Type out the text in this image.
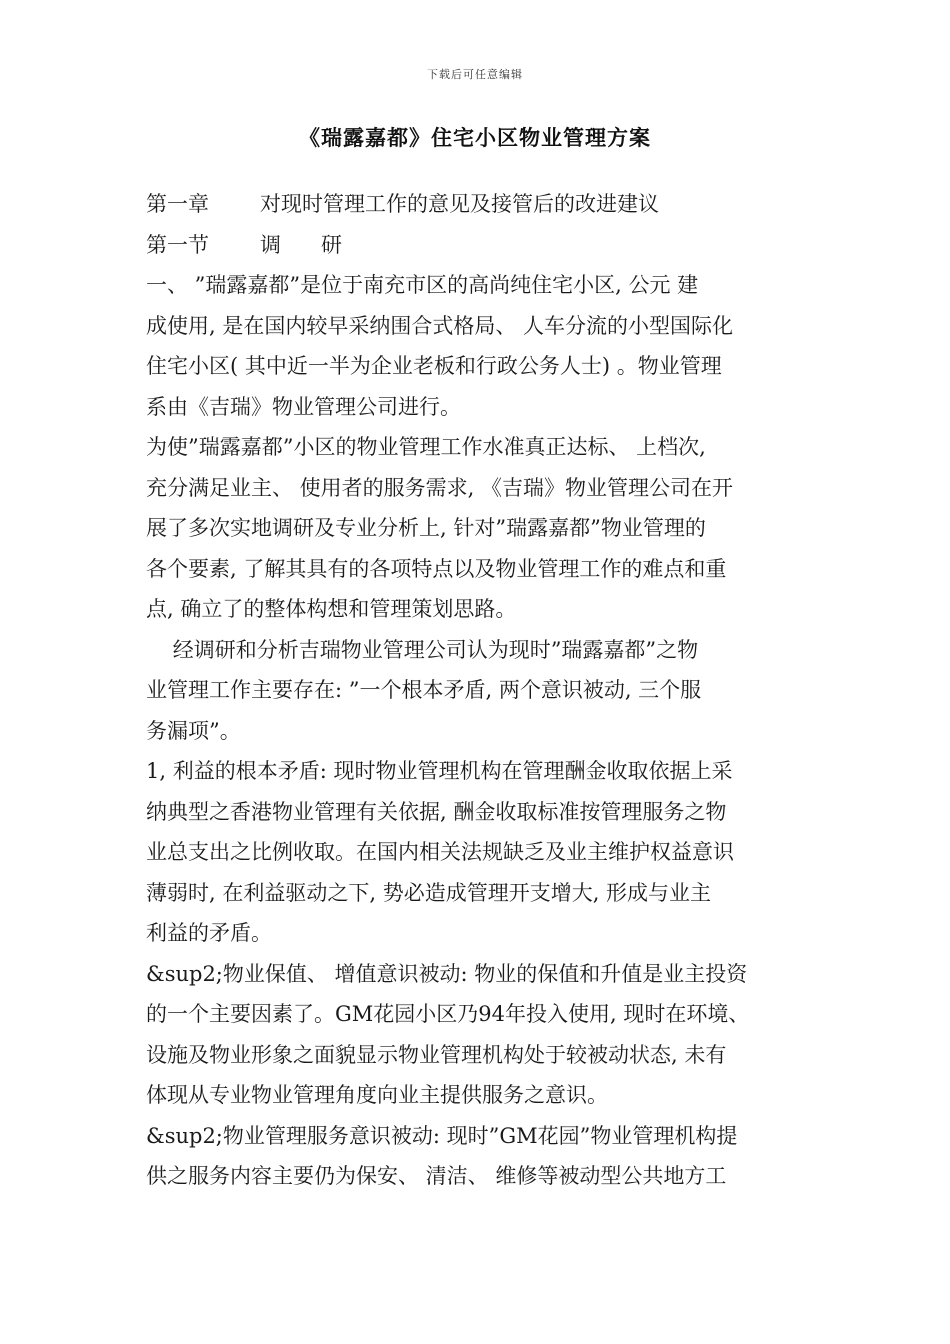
下载后可任意编辑
《瑞露嘉都》住宅小区物业管理方案
第一章 对现时管理工作的意见及接管后的改进建议
第一节 调      研
一、 ”瑞露嘉都”是位于南充市区的高尚纯住宅小区, 公元 建
成使用, 是在国内较早采纳围合式格局、 人车分流的小型国际化
住宅小区( 其中近一半为企业老板和行政公务人士) 。物业管理
系由《吉瑞》物业管理公司进行。
为使”瑞露嘉都”小区的物业管理工作水准真正达标、 上档次,
充分满足业主、 使用者的服务需求, 《吉瑞》物业管理公司在开
展了多次实地调研及专业分析上, 针对”瑞露嘉都”物业管理的
各个要素, 了解其具有的各项特点以及物业管理工作的难点和重
点, 确立了的整体构想和管理策划思路。
经调研和分析吉瑞物业管理公司认为现时”瑞露嘉都”之物
业管理工作主要存在: ”一个根本矛盾, 两个意识被动, 三个服
务漏项”。
1, 利益的根本矛盾: 现时物业管理机构在管理酬金收取依据上采
纳典型之香港物业管理有关依据, 酬金收取标准按管理服务之物
业总支出之比例收取。在国内相关法规缺乏及业主维护权益意识
薄弱时, 在利益驱动之下, 势必造成管理开支增大, 形成与业主
利益的矛盾。
&sup2;物业保值、 增值意识被动: 物业的保值和升值是业主投资
的一个主要因素了。GM花园小区乃94年投入使用, 现时在环境、
设施及物业形象之面貌显示物业管理机构处于较被动状态, 未有
体现从专业物业管理角度向业主提供服务之意识。
&sup2;物业管理服务意识被动: 现时”GM花园”物业管理机构提
供之服务内容主要仍为保安、 清洁、 维修等被动型公共地方工
